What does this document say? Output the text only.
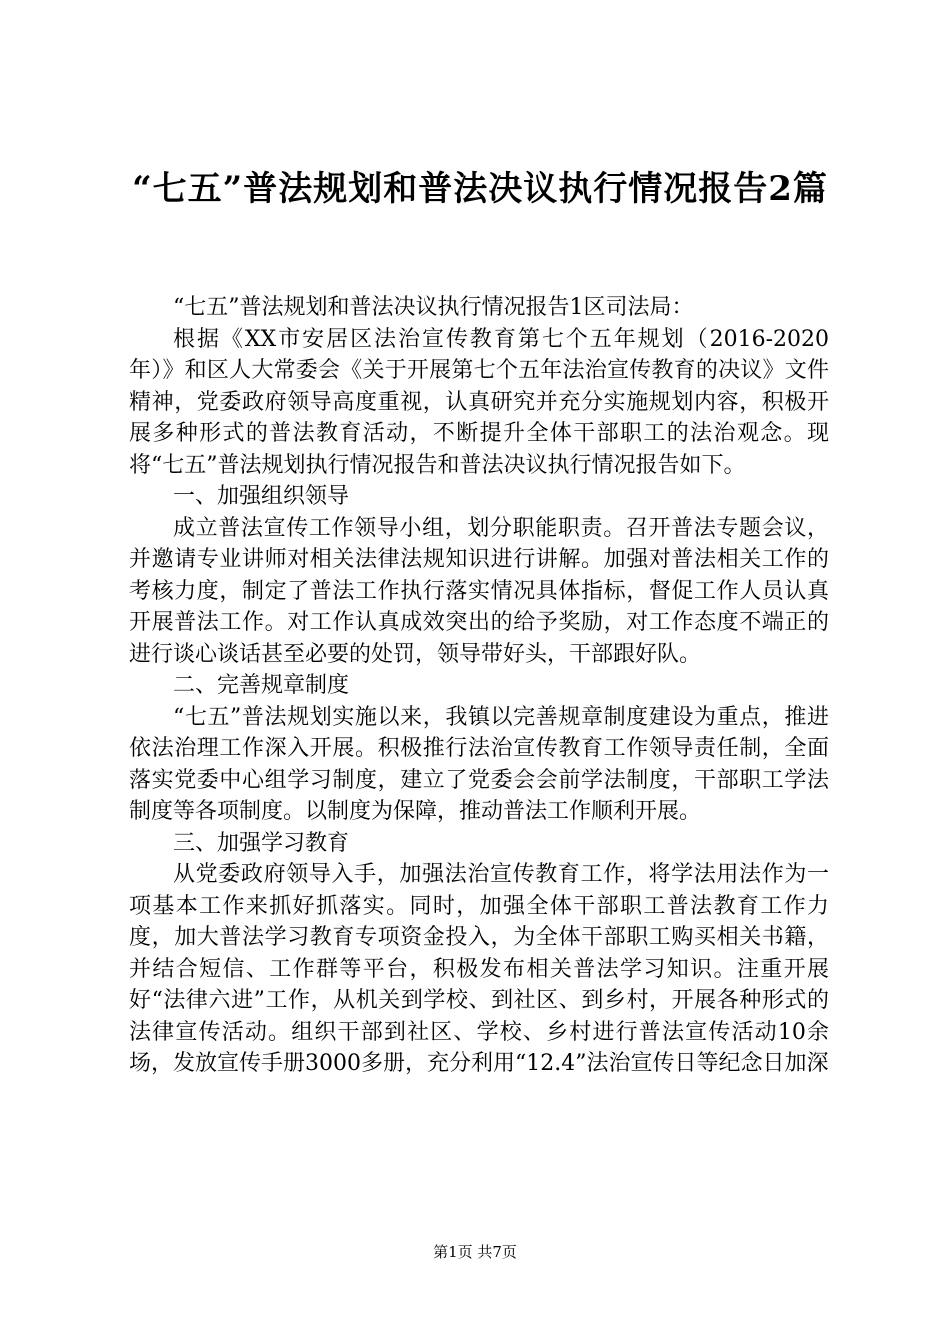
“七五”普法规划和普法决议执行情况报告2篇

“七五”普法规划和普法决议执行情况报告1区司法局：

根据《XX市安居区法治宣传教育第七个五年规划（2016-2020年）》和区人大常委会《关于开展第七个五年法治宣传教育的决议》文件精神，党委政府领导高度重视，认真研究并充分实施规划内容，积极开展多种形式的普法教育活动，不断提升全体干部职工的法治观念。现将“七五”普法规划执行情况报告和普法决议执行情况报告如下。

一、加强组织领导

成立普法宣传工作领导小组，划分职能职责。召开普法专题会议，并邀请专业讲师对相关法律法规知识进行讲解。加强对普法相关工作的考核力度，制定了普法工作执行落实情况具体指标，督促工作人员认真开展普法工作。对工作认真成效突出的给予奖励，对工作态度不端正的进行谈心谈话甚至必要的处罚，领导带好头，干部跟好队。

二、完善规章制度

“七五”普法规划实施以来，我镇以完善规章制度建设为重点，推进依法治理工作深入开展。积极推行法治宣传教育工作领导责任制，全面落实党委中心组学习制度，建立了党委会会前学法制度，干部职工学法制度等各项制度。以制度为保障，推动普法工作顺利开展。

三、加强学习教育

从党委政府领导入手，加强法治宣传教育工作，将学法用法作为一项基本工作来抓好抓落实。同时，加强全体干部职工普法教育工作力度，加大普法学习教育专项资金投入，为全体干部职工购买相关书籍，并结合短信、工作群等平台，积极发布相关普法学习知识。注重开展好“法律六进”工作，从机关到学校、到社区、到乡村，开展各种形式的法律宣传活动。组织干部到社区、学校、乡村进行普法宣传活动10余场，发放宣传手册3000多册，充分利用“12.4”法治宣传日等纪念日加深

第1页 共7页
